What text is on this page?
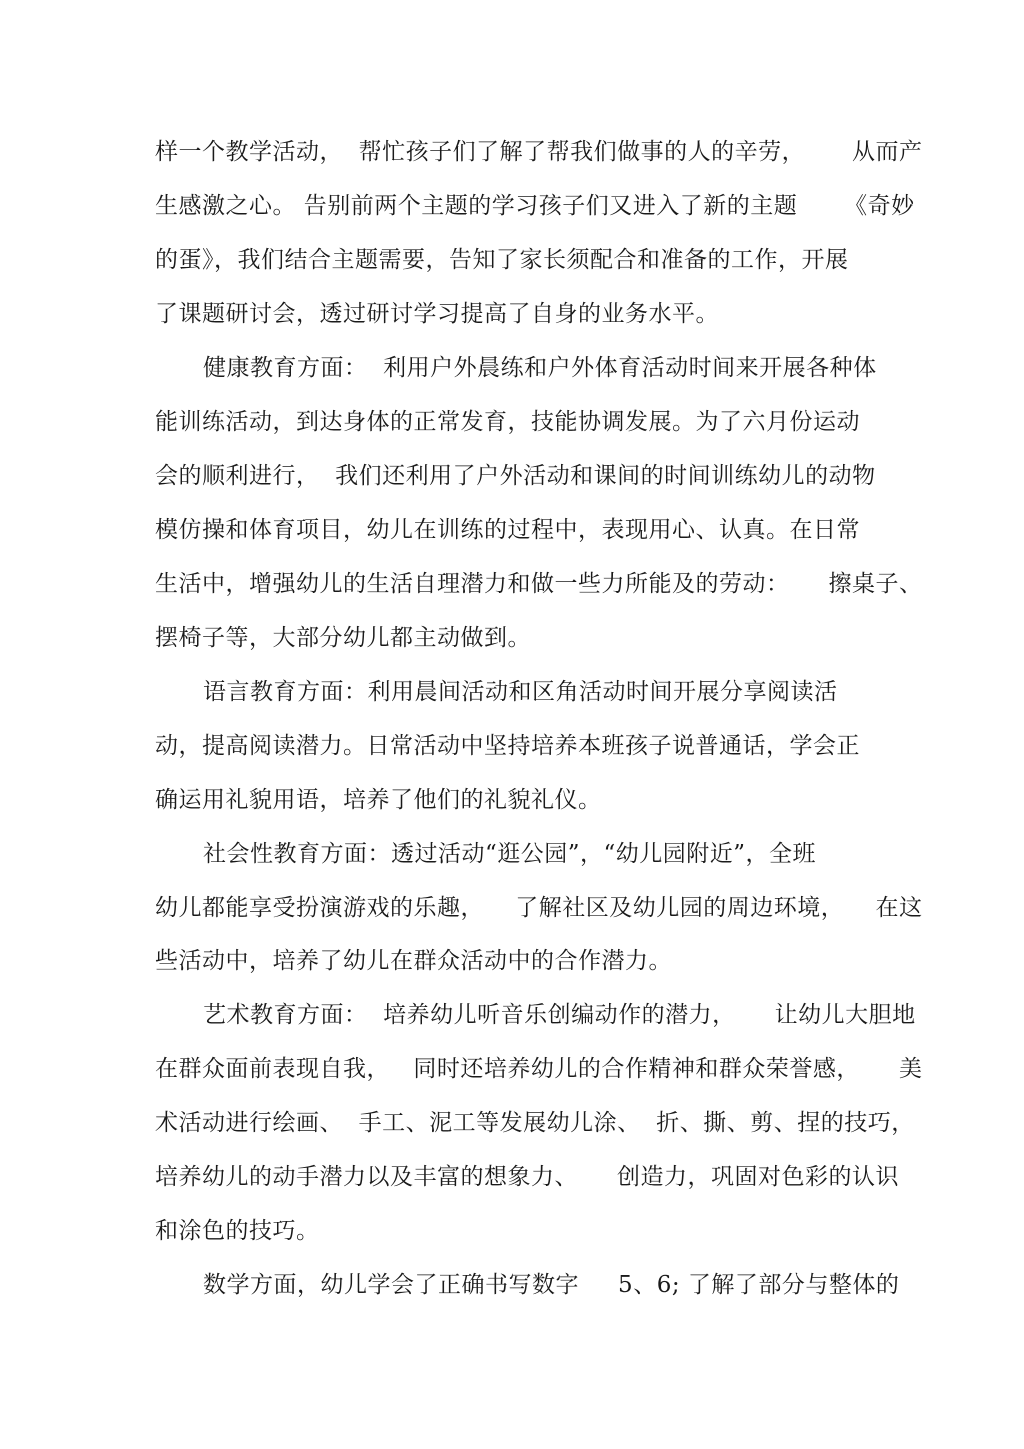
样一个教学活动，  帮忙孩子们了解了帮我们做事的人的辛劳，      从而产
生感激之心。 告别前两个主题的学习孩子们又进入了新的主题      《奇妙
的蛋》，我们结合主题需要，告知了家长须配合和准备的工作，开展
了课题研讨会，透过研讨学习提高了自身的业务水平。
健康教育方面：  利用户外晨练和户外体育活动时间来开展各种体
能训练活动，到达身体的正常发育，技能协调发展。为了六月份运动
会的顺利进行，  我们还利用了户外活动和课间的时间训练幼儿的动物
模仿操和体育项目，幼儿在训练的过程中，表现用心、认真。在日常
生活中，增强幼儿的生活自理潜力和做一些力所能及的劳动：     擦桌子、
摆椅子等，大部分幼儿都主动做到。
语言教育方面：利用晨间活动和区角活动时间开展分享阅读活
动，提高阅读潜力。日常活动中坚持培养本班孩子说普通话，学会正
确运用礼貌用语，培养了他们的礼貌礼仪。
社会性教育方面：透过活动“逛公园”，“幼儿园附近”，全班
幼儿都能享受扮演游戏的乐趣，    了解社区及幼儿园的周边环境，    在这
些活动中，培养了幼儿在群众活动中的合作潜力。
艺术教育方面：  培养幼儿听音乐创编动作的潜力，     让幼儿大胆地
在群众面前表现自我，   同时还培养幼儿的合作精神和群众荣誉感，     美
术活动进行绘画、  手工、泥工等发展幼儿涂、  折、撕、剪、捏的技巧，
培养幼儿的动手潜力以及丰富的想象力、     创造力，巩固对色彩的认识
和涂色的技巧。
数学方面，幼儿学会了正确书写数字     5、6; 了解了部分与整体的
